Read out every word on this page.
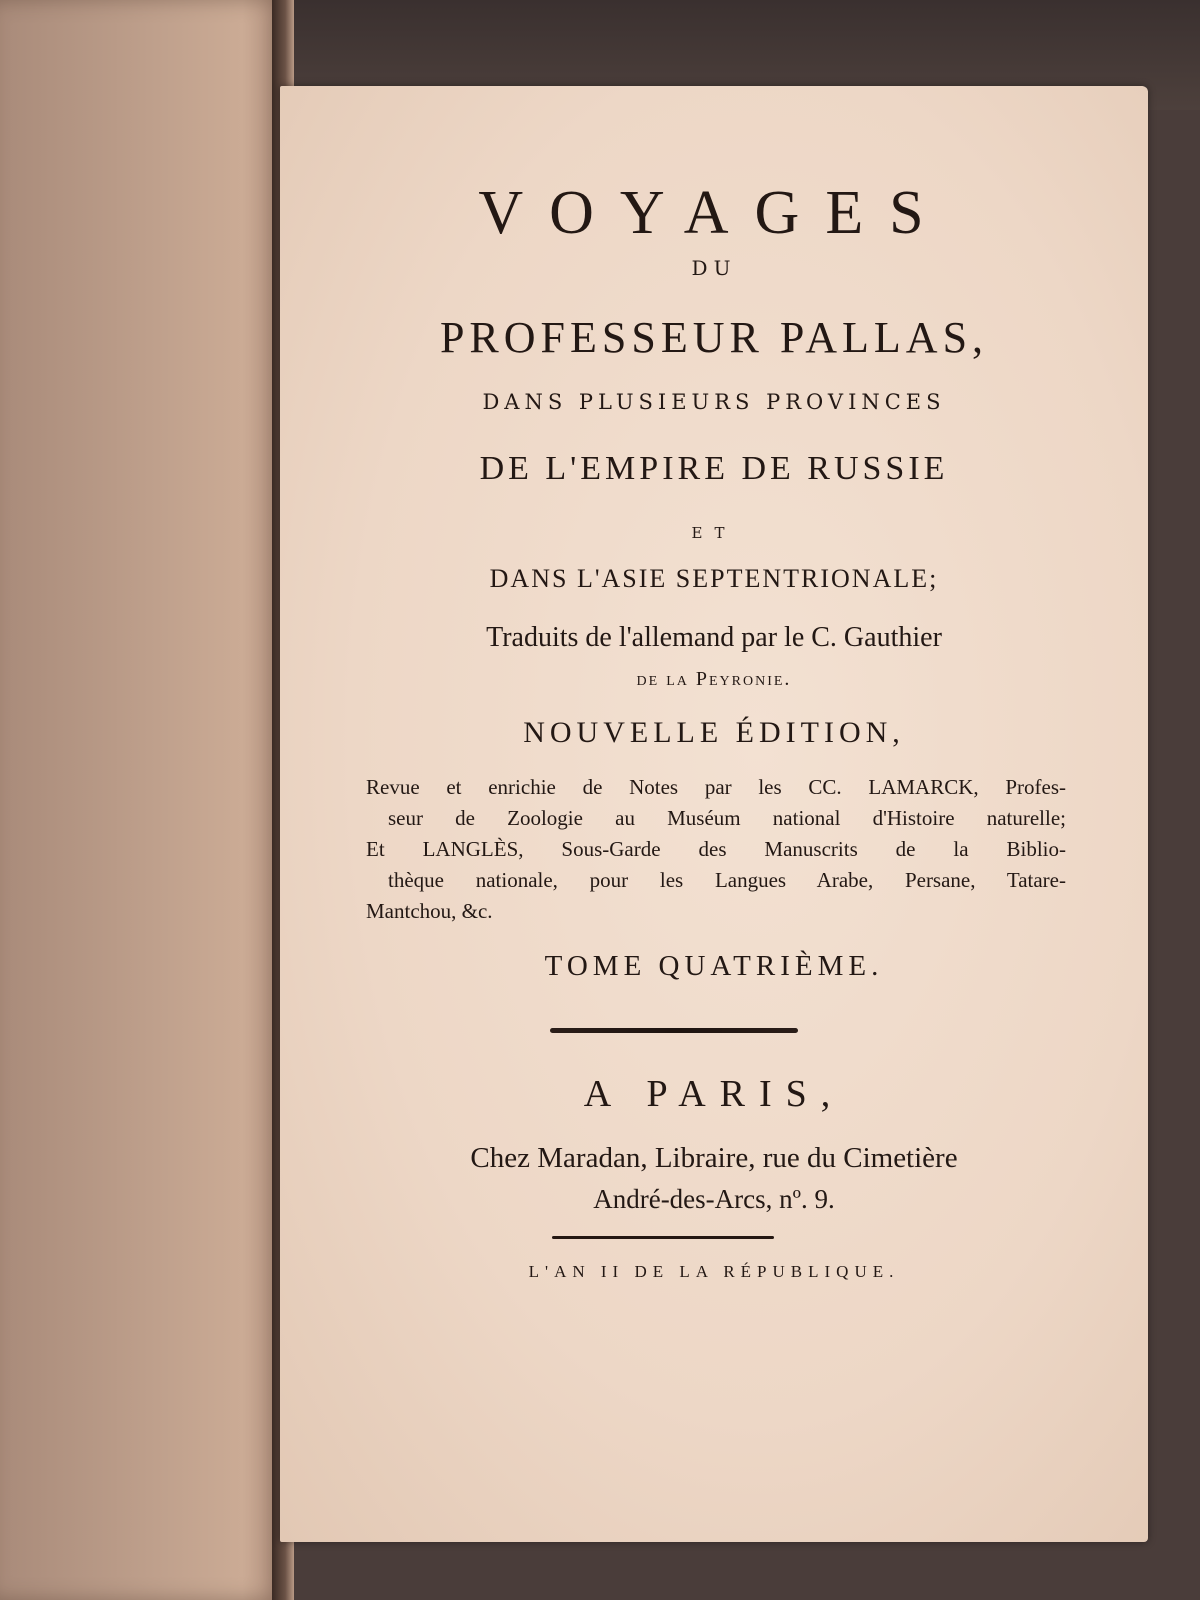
VOYAGES
DU
PROFESSEUR PALLAS,
DANS PLUSIEURS PROVINCES
DE L'EMPIRE DE RUSSIE
ET
DANS L'ASIE SEPTENTRIONALE;
Traduits de l'allemand par le C. Gauthier
de la Peyronie.
NOUVELLE ÉDITION,
Revue et enrichie de Notes par les CC. LAMARCK, Profes-
seur de Zoologie au Muséum national d'Histoire naturelle;
Et LANGLÈS, Sous-Garde des Manuscrits de la Biblio-
thèque nationale, pour les Langues Arabe, Persane, Tatare-
Mantchou, &c.
TOME QUATRIÈME.
A PARIS,
Chez Maradan, Libraire, rue du Cimetière
André-des-Arcs, nº. 9.
L'AN II DE LA RÉPUBLIQUE.
